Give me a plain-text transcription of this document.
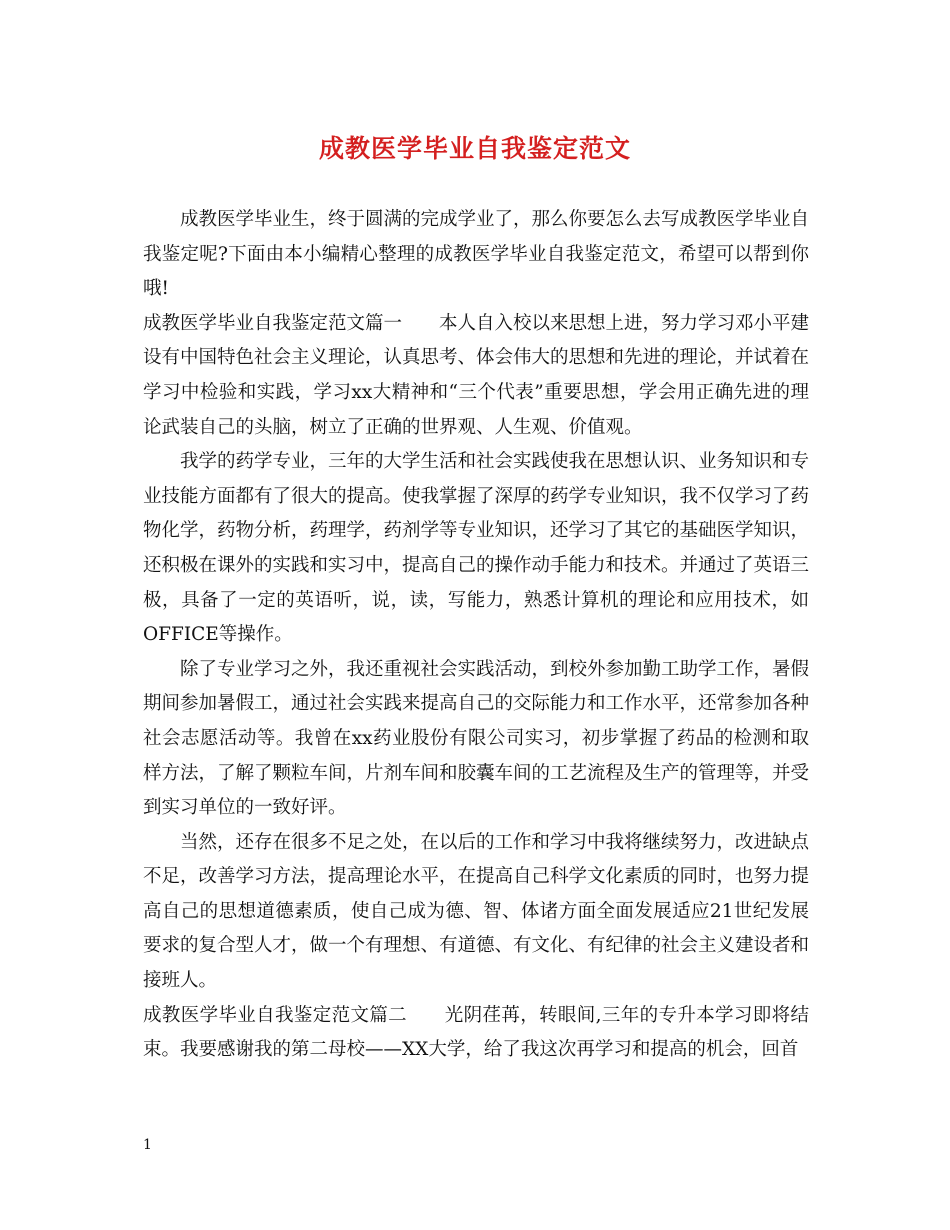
成教医学毕业自我鉴定范文

成教医学毕业生，终于圆满的完成学业了，那么你要怎么去写成教医学毕业自我鉴定呢?下面由本小编精心整理的成教医学毕业自我鉴定范文，希望可以帮到你哦!

成教医学毕业自我鉴定范文篇一　　本人自入校以来思想上进，努力学习邓小平建设有中国特色社会主义理论，认真思考、体会伟大的思想和先进的理论，并试着在学习中检验和实践，学习xx大精神和“三个代表”重要思想，学会用正确先进的理论武装自己的头脑，树立了正确的世界观、人生观、价值观。

我学的药学专业，三年的大学生活和社会实践使我在思想认识、业务知识和专业技能方面都有了很大的提高。使我掌握了深厚的药学专业知识，我不仅学习了药物化学，药物分析，药理学，药剂学等专业知识，还学习了其它的基础医学知识，还积极在课外的实践和实习中，提高自己的操作动手能力和技术。并通过了英语三极，具备了一定的英语听，说，读，写能力，熟悉计算机的理论和应用技术，如OFFICE等操作。

除了专业学习之外，我还重视社会实践活动，到校外参加勤工助学工作，暑假期间参加暑假工，通过社会实践来提高自己的交际能力和工作水平，还常参加各种社会志愿活动等。我曾在xx药业股份有限公司实习，初步掌握了药品的检测和取样方法，了解了颗粒车间，片剂车间和胶囊车间的工艺流程及生产的管理等，并受到实习单位的一致好评。

当然，还存在很多不足之处，在以后的工作和学习中我将继续努力，改进缺点不足，改善学习方法，提高理论水平，在提高自己科学文化素质的同时，也努力提高自己的思想道德素质，使自己成为德、智、体诸方面全面发展适应21世纪发展要求的复合型人才，做一个有理想、有道德、有文化、有纪律的社会主义建设者和接班人。

成教医学毕业自我鉴定范文篇二　　光阴荏苒，转眼间,三年的专升本学习即将结束。我要感谢我的第二母校——XX大学，给了我这次再学习和提高的机会，回首

1
